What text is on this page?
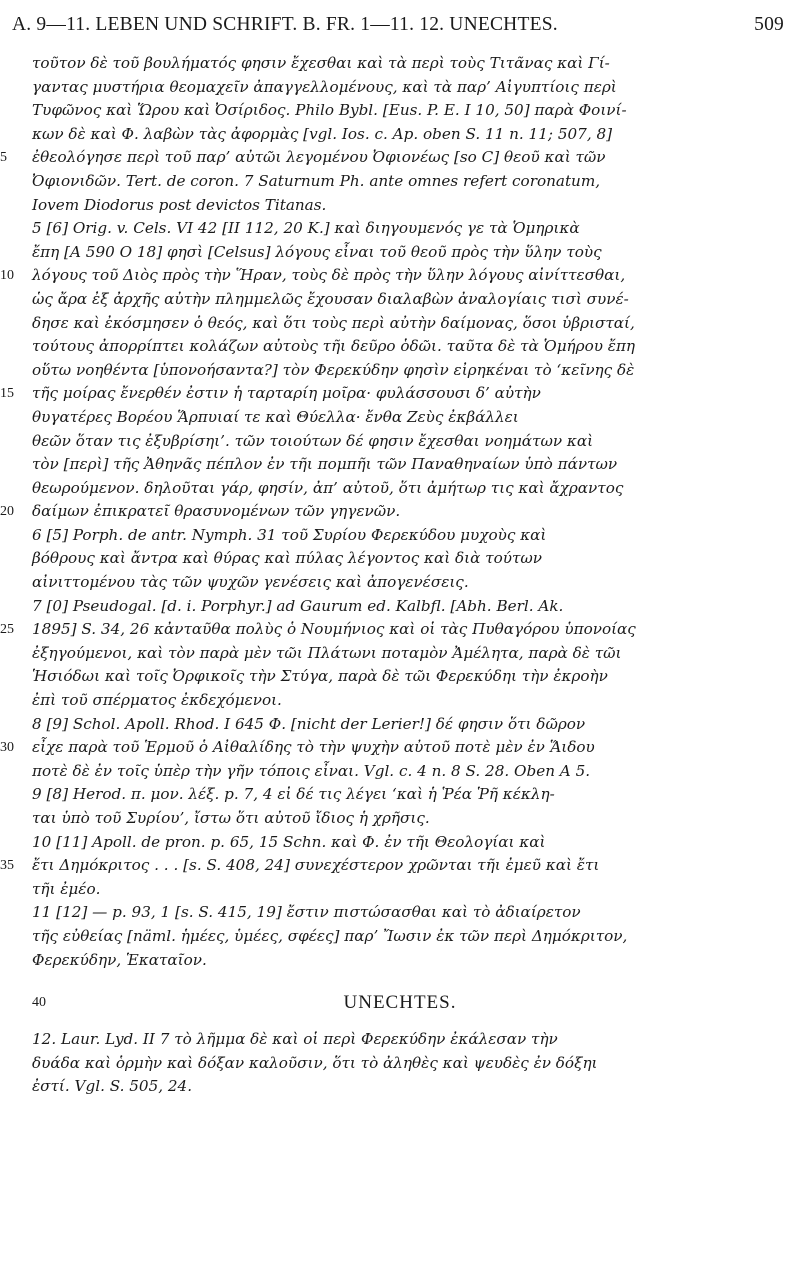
A. 9—11. LEBEN UND SCHRIFT. B. FR. 1—11. 12. UNECHTES.	509
τοῦτον δὲ τοῦ βουλήματός φησιν ἔχεσθαι καὶ τὰ περὶ τοὺς Τιτᾶνας καὶ Γί-
γαντας μυστήρια θεομαχεῖν ἀπαγγελλομένους, καὶ τὰ παρ’ Αἰγυπτίοις περὶ
Τυφῶνος καὶ Ὥρου καὶ Ὀσίριδος. Philo Bybl. [Eus. P. E. I 10, 50] παρὰ Φοινί-
κων δὲ καὶ Φ. λαβὼν τὰς ἀφορμὰς [vgl. Ios. c. Ap. oben S. 11 n. 11; 507, 8]
5	ἐθεολόγησε περὶ τοῦ παρ’ αὐτῶι λεγομένου Ὀφιονέως [so C] θεοῦ καὶ τῶν
Ὀφιονιδῶν. Tert. de coron. 7 Saturnum Ph. ante omnes refert coronatum,
Iovem Diodorus post devictos Titanas.
5 [6] Orig. v. Cels. VI 42 [II 112, 20 K.] καὶ διηγουμενός γε τὰ Ὁμηρικὰ
ἔπη [A 590 O 18] φησὶ [Celsus] λόγους εἶναι τοῦ θεοῦ πρὸς τὴν ὕλην τοὺς
10	λόγους τοῦ Διὸς πρὸς τὴν Ἥραν, τοὺς δὲ πρὸς τὴν ὕλην λόγους αἰνίττεσθαι,
ὡς ἄρα ἐξ ἀρχῆς αὐτὴν πλημμελῶς ἔχουσαν διαλαβὼν ἀναλογίαις τισὶ συνέ-
δησε καὶ ἐκόσμησεν ὁ θεός, καὶ ὅτι τοὺς περὶ αὐτὴν δαίμονας, ὅσοι ὑβρισταί,
τούτους ἀπορρίπτει κολάζων αὐτοὺς τῆι δεῦρο ὁδῶι. ταῦτα δὲ τὰ Ὁμήρου ἔπη
οὕτω νοηθέντα [ὑπονοήσαντα?] τὸν Φερεκύδην φησὶν εἰρηκέναι τὸ ‘κεῖνης δὲ
15	τῆς μοίρας ἔνερθέν ἐστιν ἡ ταρταρίη μοῖρα· φυλάσσουσι δ’ αὐτὴν
θυγατέρες Βορέου Ἅρπυιαί τε καὶ Θύελλα· ἔνθα Ζεὺς ἐκβάλλει
θεῶν ὅταν τις ἐξυβρίσηι’. τῶν τοιούτων δέ φησιν ἔχεσθαι νοημάτων καὶ
τὸν [περὶ] τῆς Ἀθηνᾶς πέπλον ἐν τῆι πομπῆι τῶν Παναθηναίων ὑπὸ πάντων
θεωρούμενον. δηλοῦται γάρ, φησίν, ἀπ’ αὐτοῦ, ὅτι ἀμήτωρ τις καὶ ἄχραντος
20	δαίμων ἐπικρατεῖ θρασυνομένων τῶν γηγενῶν.
6 [5] Porph. de antr. Nymph. 31 τοῦ Συρίου Φερεκύδου μυχοὺς καὶ
βόθρους καὶ ἄντρα καὶ θύρας καὶ πύλας λέγοντος καὶ διὰ τούτων
αἰνιττομένου τὰς τῶν ψυχῶν γενέσεις καὶ ἀπογενέσεις.
7 [0] Pseudogal. [d. i. Porphyr.] ad Gaurum ed. Kalbfl. [Abh. Berl. Ak.
25	1895] S. 34, 26 κἀνταῦθα πολὺς ὁ Νουμήνιος καὶ οἱ τὰς Πυθαγόρου ὑπονοίας
ἐξηγούμενοι, καὶ τὸν παρὰ μὲν τῶι Πλάτωνι ποταμὸν Ἀμέλητα, παρὰ δὲ τῶι
Ἡσιόδωι καὶ τοῖς Ὀρφικοῖς τὴν Στύγα, παρὰ δὲ τῶι Φερεκύδηι τὴν ἐκροὴν
ἐπὶ τοῦ σπέρματος ἐκδεχόμενοι.
8 [9] Schol. Apoll. Rhod. I 645 Φ. [nicht der Lerier!] δέ φησιν ὅτι δῶρον
30	εἶχε παρὰ τοῦ Ἑρμοῦ ὁ Αἰθαλίδης τὸ τὴν ψυχὴν αὐτοῦ ποτὲ μὲν ἐν Ἅιδου
ποτὲ δὲ ἐν τοῖς ὑπὲρ τὴν γῆν τόποις εἶναι. Vgl. c. 4 n. 8 S. 28. Oben A 5.
9 [8] Herod. π. μον. λέξ. p. 7, 4 εἰ δέ τις λέγει ‘καὶ ἡ Ῥέα Ῥῆ κέκλη-
ται ὑπὸ τοῦ Συρίου’, ἴστω ὅτι αὐτοῦ ἴδιος ἡ χρῆσις.
10 [11] Apoll. de pron. p. 65, 15 Schn. καὶ Φ. ἐν τῆι Θεολογίαι καὶ
35	ἔτι Δημόκριτος . . . [s. S. 408, 24] συνεχέστερον χρῶνται τῆι ἐμεῦ καὶ ἔτι
τῆι ἐμέο.
11 [12] — p. 93, 1 [s. S. 415, 19] ἔστιν πιστώσασθαι καὶ τὸ ἀδιαίρετον
τῆς εὐθείας [näml. ἡμέες, ὑμέες, σφέες] παρ’ Ἴωσιν ἐκ τῶν περὶ Δημόκριτον,
Φερεκύδην, Ἑκαταῖον.
40	UNECHTES.
12. Laur. Lyd. II 7 τὸ λῆμμα δὲ καὶ οἱ περὶ Φερεκύδην ἐκάλεσαν τὴν
δυάδα καὶ ὁρμὴν καὶ δόξαν καλοῦσιν, ὅτι τὸ ἀληθὲς καὶ ψευδὲς ἐν δόξηι
ἐστί. Vgl. S. 505, 24.
